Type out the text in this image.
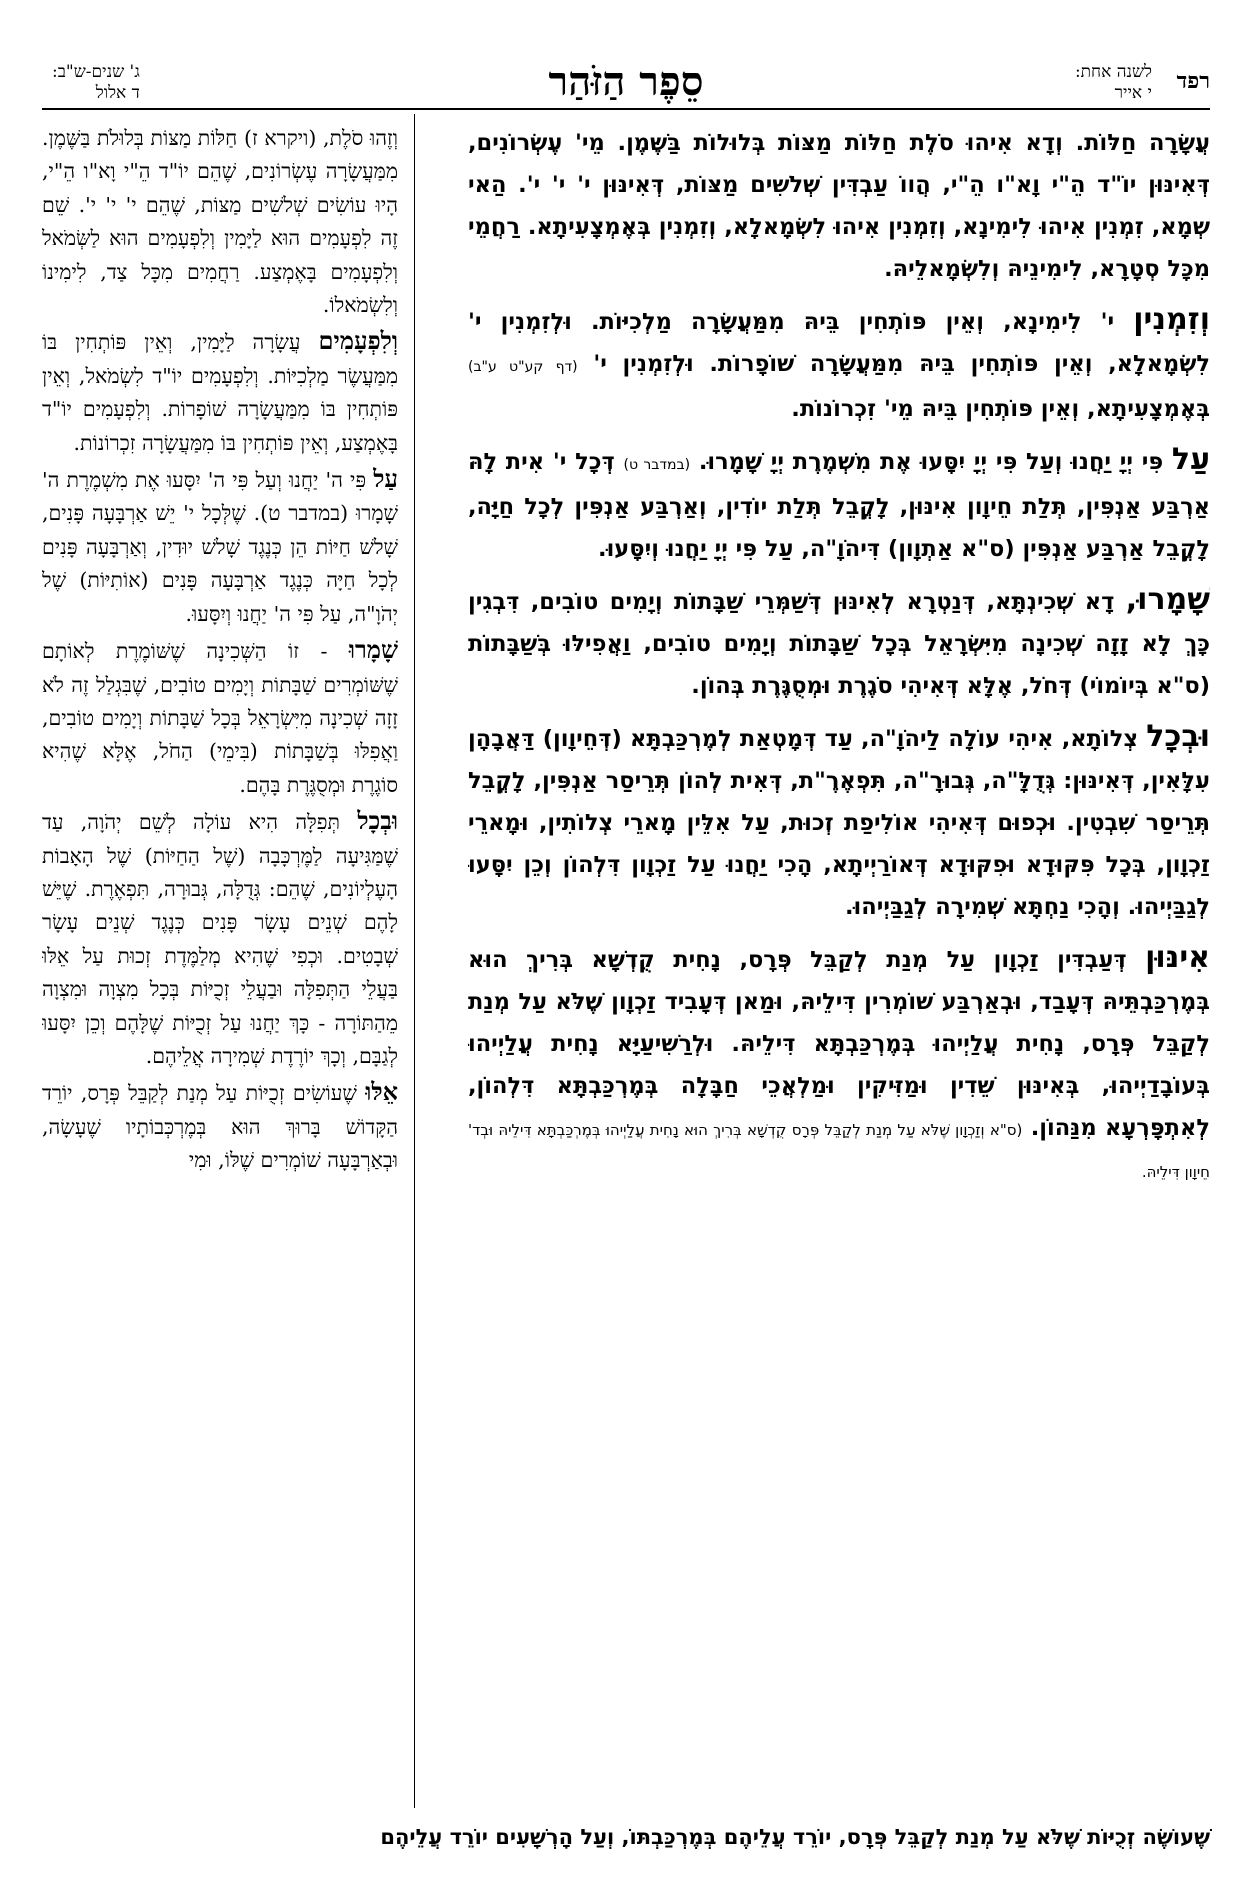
רפד
לשנה אחת:
י אייר
סֵפֶר הַזֹּהַר
ג' שנים-ש"ב:
ד אלול

עֲשָׂרָה חַלּוֹת. וְדָא אִיהוּ סֹלֶת חַלּוֹת מַצּוֹת בְּלוּלוֹת בַּשֶּׁמֶן. מֵי' עֶשְׂרוֹנִים, דְּאִינּוּן יוֹ"ד הֵ"י וָא"ו הֵ"י, הֲווֹ עַבְדִּין שְׁלשִׁים מַצּוֹת, דְּאִינּוּן י' י' י'. הַאי שְׁמָא, זִמְנִין אִיהוּ לִימִינָא, וְזִמְנִין אִיהוּ לִשְׂמָאלָא, וְזִמְנִין בְּאֶמְצָעִיתָא. רַחֲמֵי מִכָּל סְטָרָא, לִימִינֵיהּ וְלִשְׂמָאלֵיהּ.

וְזִמְנִין י' לִימִינָא, וְאֵין פּוֹתְחִין בֵּיהּ מִמַּעֲשָׂרָה מַלְכִיּוֹת. וּלְזִמְנִין י' לִשְׂמָאלָא, וְאֵין פּוֹתְחִין בֵּיהּ מִמַּעֲשָׂרָה שׁוֹפָרוֹת. וּלְזִמְנִין י' (דף קע"ט ע"ב) בְּאֶמְצָעִיתָא, וְאֵין פּוֹתְחִין בֵּיהּ מֵי' זִכְרוֹנוֹת.

עַל פִּי יְיָ יַחֲנוּ וְעַל פִּי יְיָ יִסָּעוּ אֶת מִשְׁמֶרֶת יְיָ שָׁמָרוּ. (במדבר ט) דְּכָל י' אִית לָהּ אַרְבַּע אַנְפִּין, תְּלַת חֵיוָון אִינּוּן, לָקֳבֵל תְּלַת יוֹדִין, וְאַרְבַּע אַנְפִּין לְכָל חַיָּה, לָקֳבֵל אַרְבַּע אַנְפִּין (ס"א אַתְוָון) דִּיהֹוָ"ה, עַל פִּי יְיָ יַחֲנוּ וְיִסָּעוּ.

שָׁמָרוּ, דָא שְׁכִינְתָּא, דְּנַטְרָא לְאִינּוּן דְּשַׁמְּרֵי שַׁבָּתוֹת וְיָמִים טוֹבִים, דִּבְגִין כָּךְ לָא זָזָה שְׁכִינָה מִיִּשְׂרָאֵל בְּכָל שַׁבָּתוֹת וְיָמִים טוֹבִים, וַאֲפִילּוּ בְּשַׁבָּתוֹת (ס"א בְּיוֹמוֹי) דְּחֹל, אֶלָּא דְּאִיהִי סֹגֶרֶת וּמְסֻגֶּרֶת בְּהוֹן.

וּבְכָל צְלוֹתָא, אִיהִי עוֹלָה לַיהֹוָ"ה, עַד דְּמָטְאַת לְמֶרְכַּבְתָּא (דְּחֵיוָון) דַּאֲבָהָן עִלָּאִין, דְּאִינּוּן: גְּדֻלָּ"ה, גְּבוּרָ"ה, תִּפְאֶרֶ"ת, דְּאִית לְהוֹן תְּרֵיסַר אַנְפִּין, לָקֳבֵל תְּרֵיסַר שִׁבְטִין. וּכְפוּם דְּאִיהִי אוֹלִיפַת זְכוּת, עַל אִלֵּין מָארֵי צְלוֹתִין, וּמָארֵי זַכְוָון, בְּכָל פִּקּוּדָא וּפִקּוּדָא דְּאוֹרַיְיתָא, הָכִי יַחֲנוּ עַל זַכְוָון דִּלְהוֹן וְכֵן יִסָּעוּ לְגַבַּיְיהוּ. וְהָכִי נַחְתָּא שְׁמִירָה לְגַבַּיְיהוּ.

אִינּוּן דְּעַבְדִּין זַכְוָון עַל מְנַת לְקַבֵּל פְּרָס, נָחִית קֻדְשָׁא בְּרִיךְ הוּא בְּמֶרְכַּבְתֵּיהּ דְּעָבַד, וּבְאַרְבַּע שׁוֹמְרִין דִּילֵיהּ, וּמַאן דְּעָבִיד זַכְוָון שֶׁלֹּא עַל מְנַת לְקַבֵּל פְּרָס, נָחִית עֲלַיְיהוּ בְּמֶרְכַּבְתָּא דִּילֵיהּ. וּלְרַשִׁיעַיָּא נָחִית עֲלַיְיהוּ בְּעוֹבָדַיְיהוּ, בְּאִינּוּן שֵׁדִין וּמַזִּיקִין וּמַלְאֲכֵי חַבָּלָה בְּמֶרְכַּבְתָּא דִּלְהוֹן, לְאִתְפָּרְעָא מִנַּהוֹן. (ס"א וְזַכְוָון שֶׁלֹּא עַל מְנַת לְקַבֵּל פְּרָס קֻדְשָׁא בְּרִיךְ הוּא נָחִית עֲלַיְיהוּ בְּמֶרְכַּבְתָּא דִּילֵיהּ וּבְד' חֵיוָון דִּילֵיהּ.

וְזֶהוּ סֹלֶת, (ויקרא ז) חַלּוֹת מַצּוֹת בְּלוּלֹת בַּשֶּׁמֶן. מִמַּעֲשָׂרָה עֶשְׂרוֹנִים, שֶׁהֵם יוֹ"ד הֵ"י וָא"ו הֵ"י, הָיוּ עוֹשִׂים שְׁלשִׁים מַצּוֹת, שֶׁהֵם י' י' י'. שֵׁם זֶה לִפְעָמִים הוּא לַיָּמִין וְלִפְעָמִים הוּא לַשְּׂמֹאל וְלִפְעָמִים בָּאֶמְצַע. רַחֲמִים מִכָּל צַד, לִימִינוֹ וְלִשְׂמֹאלוֹ.

וְלִפְעָמִים עֲשָׂרָה לַיָּמִין, וְאֵין פּוֹתְחִין בּוֹ מִמַּעֲשֶׂר מַלְכִיּוֹת. וְלִפְעָמִים יוֹ"ד לִשְׂמֹאל, וְאֵין פּוֹתְחִין בּוֹ מִמַּעֲשָׂרָה שׁוֹפָרוֹת. וְלִפְעָמִים יוֹ"ד בָּאֶמְצַע, וְאֵין פּוֹתְחִין בּוֹ מִמַּעֲשָׂרָה זִכְרוֹנוֹת.

עַל פִּי ה' יַחֲנוּ וְעַל פִּי ה' יִסָּעוּ אֶת מִשְׁמֶרֶת ה' שָׁמָרוּ (במדבר ט). שֶׁלְּכָל י' יֵשׁ אַרְבָּעָה פָּנִים, שָׁלשׁ חַיּוֹת הֵן כְּנֶגֶד שָׁלשׁ יוּדִין, וְאַרְבָּעָה פָּנִים לְכָל חַיָּה כְּנֶגֶד אַרְבָּעָה פָּנִים (אוֹתִיּוֹת) שֶׁל יְהֹוָ"ה, עַל פִּי ה' יַחֲנוּ וְיִסָּעוּ.

שָׁמָרוּ - זוֹ הַשְּׁכִינָה שֶׁשּׁוֹמֶרֶת לְאוֹתָם שֶׁשּׁוֹמְרִים שַׁבָּתוֹת וְיָמִים טוֹבִים, שֶׁבִּגְלַל זֶה לֹא זָזָה שְׁכִינָה מִיִּשְׂרָאֵל בְּכָל שַׁבָּתוֹת וְיָמִים טוֹבִים, וַאֲפִלּוּ בְּשַׁבָּתוֹת (בִּימֵי) הַחֹל, אֶלָּא שֶׁהִיא סוֹגֶרֶת וּמְסֻגֶּרֶת בָּהֶם.

וּבְכָל תְּפִלָּה הִיא עוֹלָה לְשֵׁם יְהֹוָה, עַד שֶׁמַּגִּיעָה לַמֶּרְכָּבָה (שֶׁל הַחַיּוֹת) שֶׁל הָאָבוֹת הָעֶלְיוֹנִים, שֶׁהֵם: גְּדֻלָּה, גְּבוּרָה, תִּפְאֶרֶת. שֶׁיֵּשׁ לָהֶם שְׁנֵים עָשָׂר פָּנִים כְּנֶגֶד שְׁנֵים עָשָׂר שְׁבָטִים. וּכְפִי שֶׁהִיא מְלַמֶּדֶת זְכוּת עַל אֵלּוּ בַּעֲלֵי הַתְּפִלָּה וּבַעֲלֵי זְכֻיּוֹת בְּכָל מִצְוָה וּמִצְוָה מֵהַתּוֹרָה - כָּךְ יַחֲנוּ עַל זְכֻיּוֹת שֶׁלָּהֶם וְכֵן יִסָּעוּ לְגַבָּם, וְכָךְ יוֹרֶדֶת שְׁמִירָה אֲלֵיהֶם.

אֵלּוּ שֶׁעוֹשִׂים זְכֻיּוֹת עַל מְנַת לְקַבֵּל פְּרָס, יוֹרֵד הַקָּדוֹשׁ בָּרוּךְ הוּא בְּמֶרְכְּבוֹתָיו שֶׁעָשָׂה, וּבְאַרְבָּעָה שׁוֹמְרִים שֶׁלּוֹ, וּמִי

שֶׁעוֹשֶׂה זְכֻיּוֹת שֶׁלֹּא עַל מְנַת לְקַבֵּל פְּרָס, יוֹרֵד עֲלֵיהֶם בְּמֶרְכַּבְתּוֹ, וְעַל הָרְשָׁעִים יוֹרֵד עֲלֵיהֶם
